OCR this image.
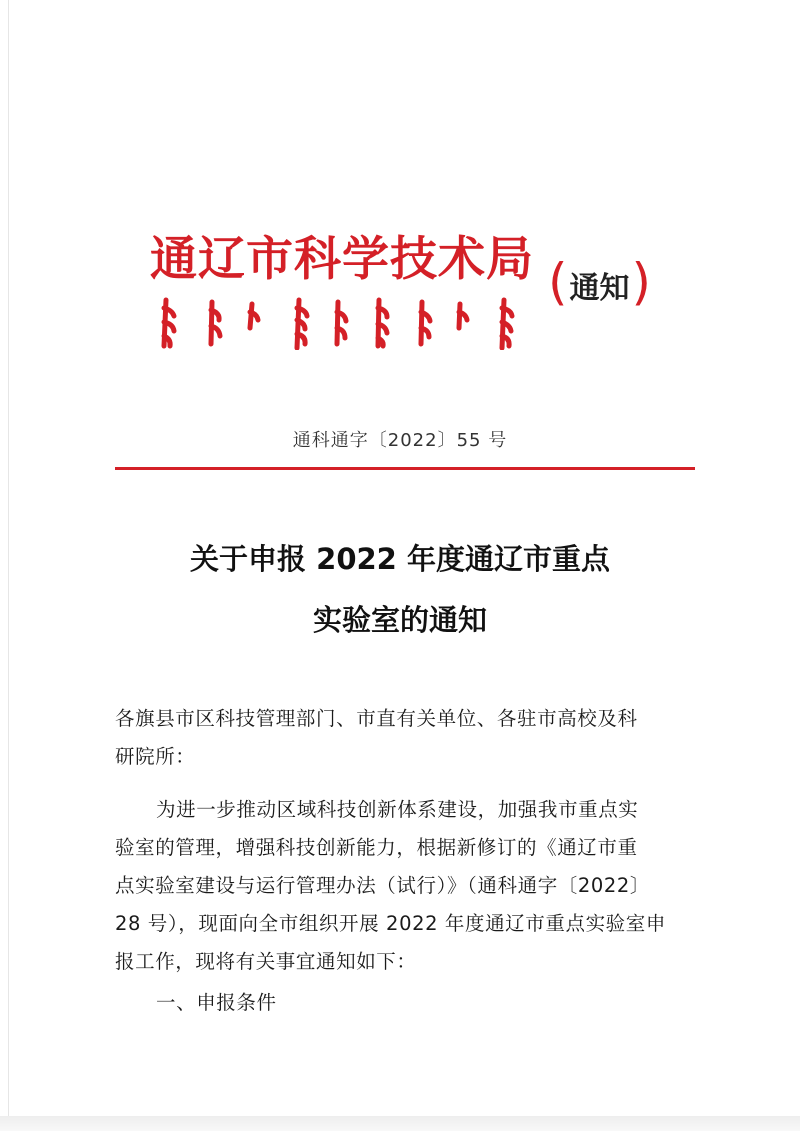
通辽市科学技术局 ( 通知 )
通科通字〔2022〕55 号
关于申报 2022 年度通辽市重点
实验室的通知
各旗县市区科技管理部门、市直有关单位、各驻市高校及科
研院所：
为进一步推动区域科技创新体系建设，加强我市重点实
验室的管理，增强科技创新能力，根据新修订的《通辽市重
点实验室建设与运行管理办法（试行）》（通科通字〔2022〕
28 号），现面向全市组织开展 2022 年度通辽市重点实验室申
报工作，现将有关事宜通知如下：
一、申报条件
